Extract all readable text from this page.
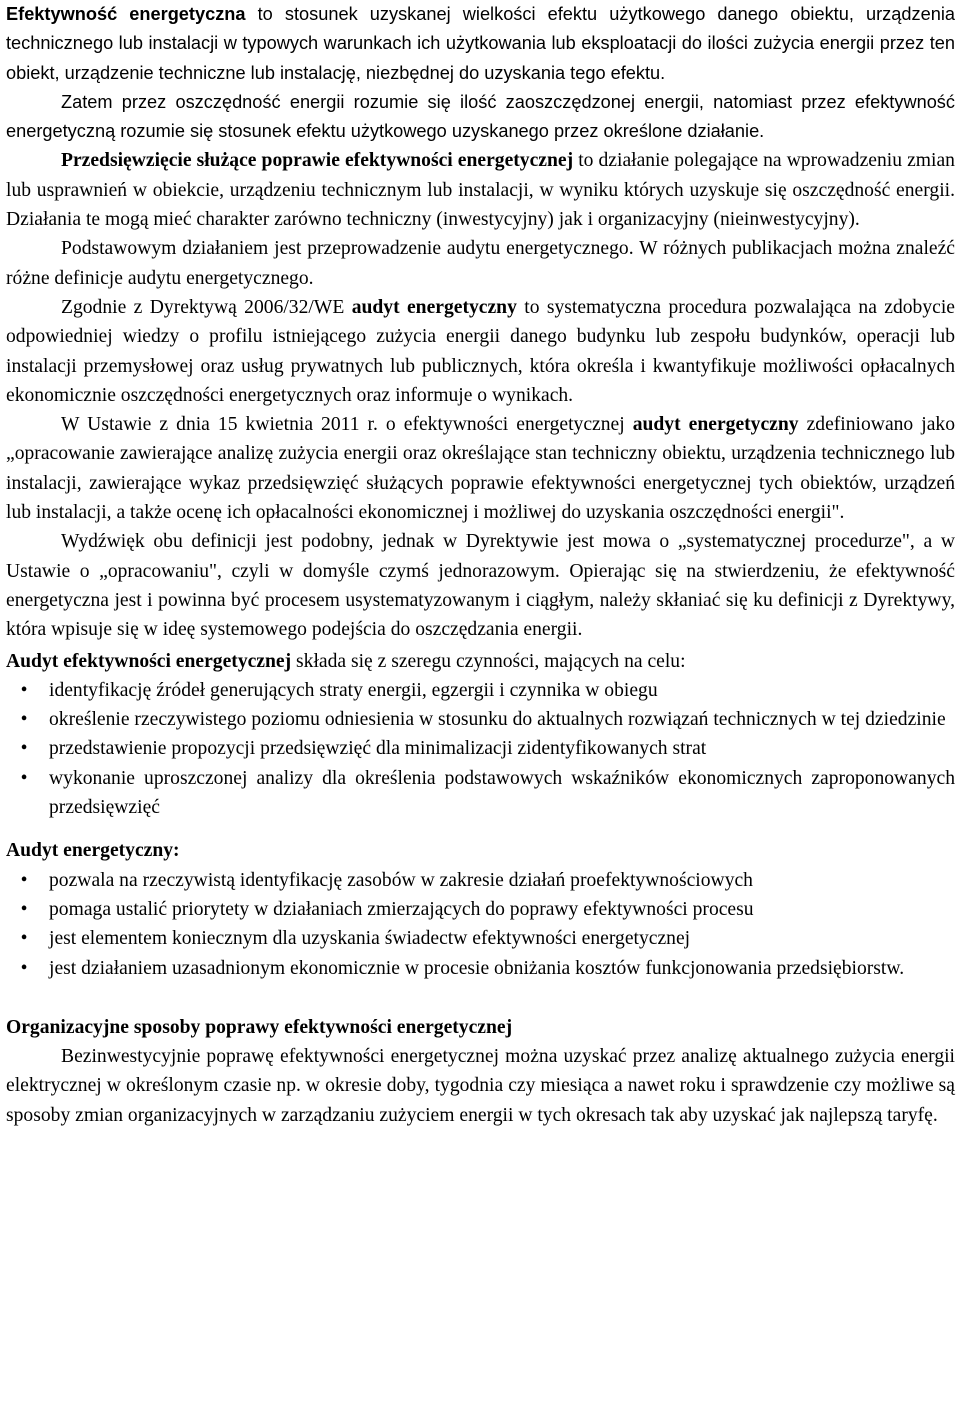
Efektywność energetyczna to stosunek uzyskanej wielkości efektu użytkowego danego obiektu, urządzenia technicznego lub instalacji w typowych warunkach ich użytkowania lub eksploatacji do ilości zużycia energii przez ten obiekt, urządzenie techniczne lub instalację, niezbędnej do uzyskania tego efektu.

Zatem przez oszczędność energii rozumie się ilość zaoszczędzonej energii, natomiast przez efektywność energetyczną rozumie się stosunek efektu użytkowego uzyskanego przez określone działanie.

Przedsięwzięcie służące poprawie efektywności energetycznej to działanie polegające na wprowadzeniu zmian lub usprawnień w obiekcie, urządzeniu technicznym lub instalacji, w wyniku których uzyskuje się oszczędność energii. Działania te mogą mieć charakter zarówno techniczny (inwestycyjny) jak i organizacyjny (nieinwestycyjny).

Podstawowym działaniem jest przeprowadzenie audytu energetycznego. W różnych publikacjach można znaleźć różne definicje audytu energetycznego.

Zgodnie z Dyrektywą 2006/32/WE audyt energetyczny to systematyczna procedura pozwalająca na zdobycie odpowiedniej wiedzy o profilu istniejącego zużycia energii danego budynku lub zespołu budynków, operacji lub instalacji przemysłowej oraz usług prywatnych lub publicznych, która określa i kwantyfikuje możliwości opłacalnych ekonomicznie oszczędności energetycznych oraz informuje o wynikach.

W Ustawie z dnia 15 kwietnia 2011 r. o efektywności energetycznej audyt energetyczny zdefiniowano jako „opracowanie zawierające analizę zużycia energii oraz określające stan techniczny obiektu, urządzenia technicznego lub instalacji, zawierające wykaz przedsięwzięć służących poprawie efektywności energetycznej tych obiektów, urządzeń lub instalacji, a także ocenę ich opłacalności ekonomicznej i możliwej do uzyskania oszczędności energii".

Wydźwięk obu definicji jest podobny, jednak w Dyrektywie jest mowa o „systematycznej procedurze", a w Ustawie o „opracowaniu", czyli w domyśle czymś jednorazowym. Opierając się na stwierdzeniu, że efektywność energetyczna jest i powinna być procesem usystematyzowanym i ciągłym, należy skłaniać się ku definicji z Dyrektywy, która wpisuje się w ideę systemowego podejścia do oszczędzania energii.

Audyt efektywności energetycznej składa się z szeregu czynności, mających na celu:

• identyfikację źródeł generujących straty energii, egzergii i czynnika w obiegu
• określenie rzeczywistego poziomu odniesienia w stosunku do aktualnych rozwiązań technicznych w tej dziedzinie
• przedstawienie propozycji przedsięwzięć dla minimalizacji zidentyfikowanych strat
• wykonanie uproszczonej analizy dla określenia podstawowych wskaźników ekonomicznych zaproponowanych przedsięwzięć

Audyt energetyczny:

• pozwala na rzeczywistą identyfikację zasobów w zakresie działań proefektywnościowych
• pomaga ustalić priorytety w działaniach zmierzających do poprawy efektywności procesu
• jest elementem koniecznym dla uzyskania świadectw efektywności energetycznej
• jest działaniem uzasadnionym ekonomicznie w procesie obniżania kosztów funkcjonowania przedsiębiorstw.

Organizacyjne sposoby poprawy efektywności energetycznej

Bezinwestycyjnie poprawę efektywności energetycznej można uzyskać przez analizę aktualnego zużycia energii elektrycznej w określonym czasie np. w okresie doby, tygodnia czy miesiąca a nawet roku i sprawdzenie czy możliwe są sposoby zmian organizacyjnych w zarządzaniu zużyciem energii w tych okresach tak aby uzyskać jak najlepszą taryfę.
